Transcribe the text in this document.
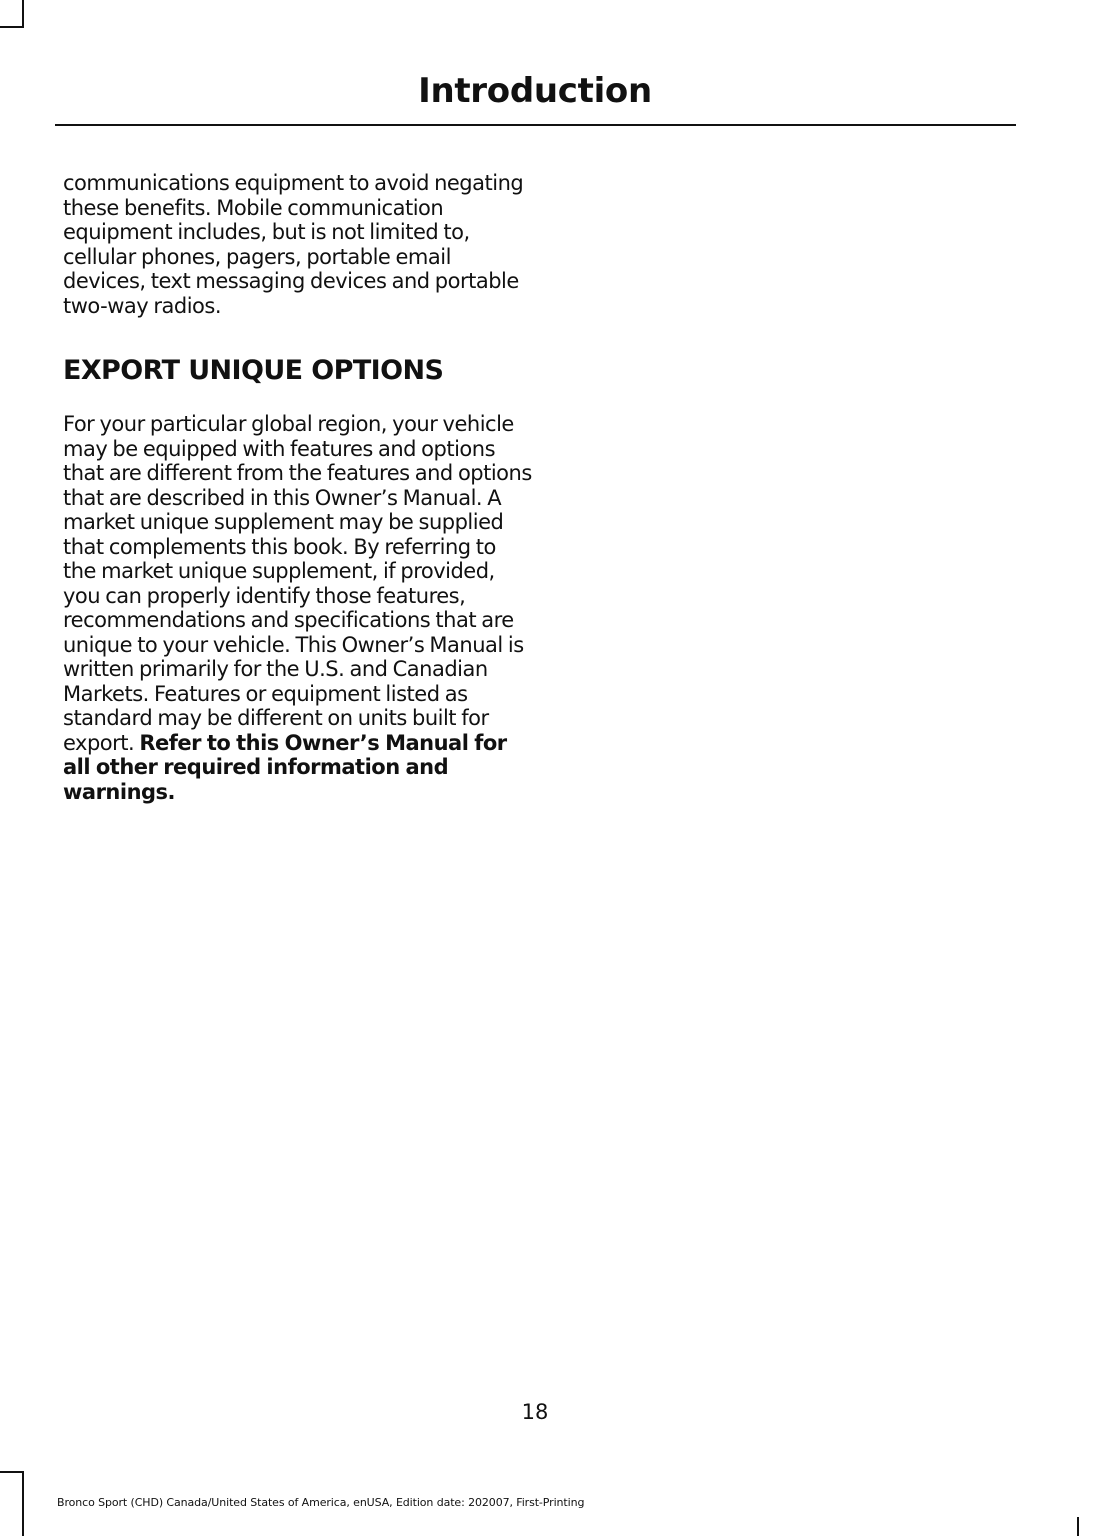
Introduction

communications equipment to avoid negating these benefits. Mobile communication equipment includes, but is not limited to, cellular phones, pagers, portable email devices, text messaging devices and portable two-way radios.

EXPORT UNIQUE OPTIONS

For your particular global region, your vehicle may be equipped with features and options that are different from the features and options that are described in this Owner’s Manual. A market unique supplement may be supplied that complements this book. By referring to the market unique supplement, if provided, you can properly identify those features, recommendations and specifications that are unique to your vehicle. This Owner’s Manual is written primarily for the U.S. and Canadian Markets. Features or equipment listed as standard may be different on units built for export. Refer to this Owner’s Manual for all other required information and warnings.

18
Bronco Sport (CHD) Canada/United States of America, enUSA, Edition date: 202007, First-Printing
